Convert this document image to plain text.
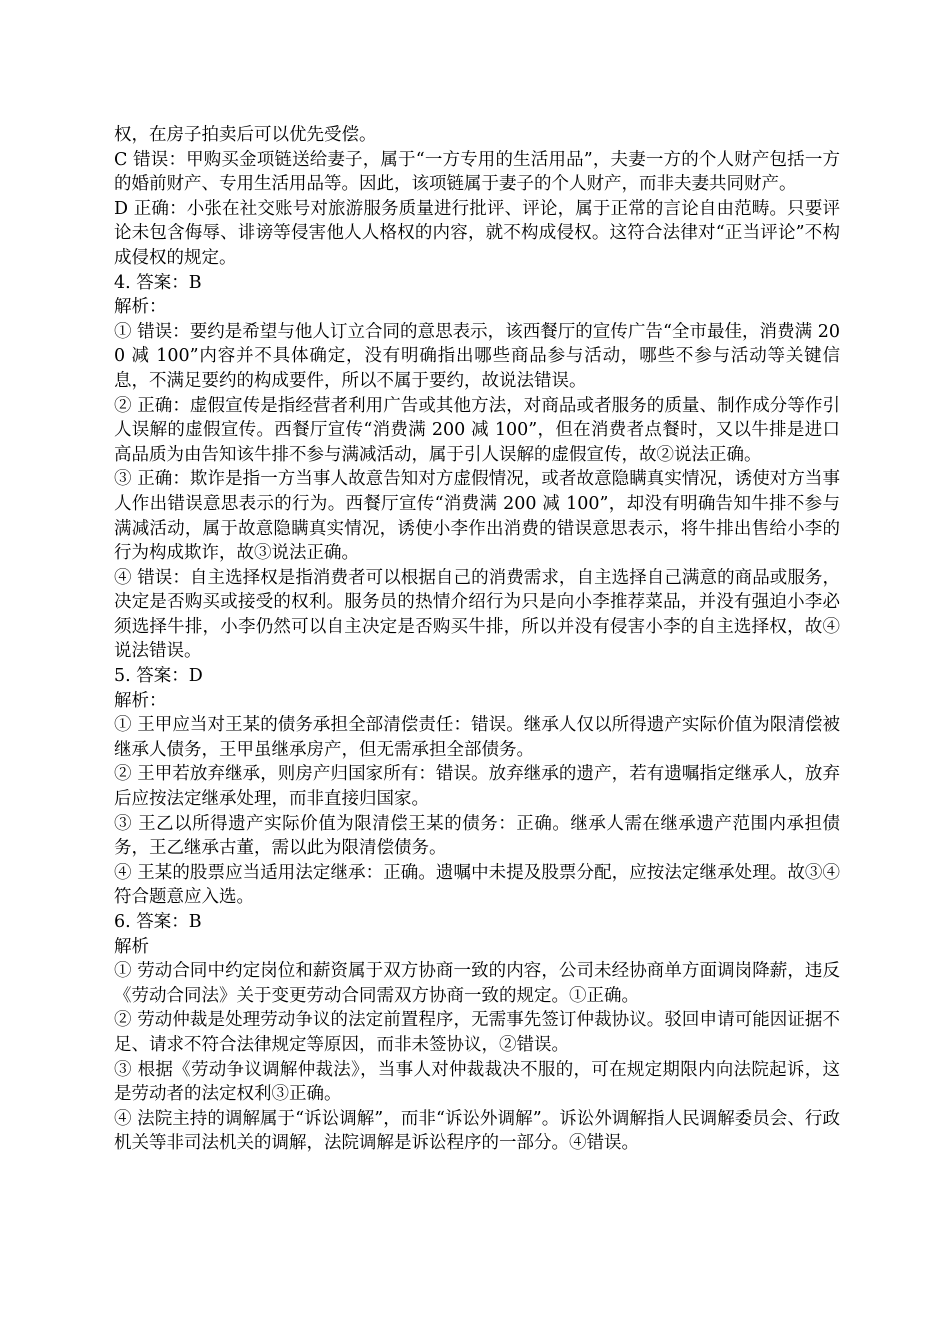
权，在房子拍卖后可以优先受偿。

C 错误：甲购买金项链送给妻子，属于“一方专用的生活用品”，夫妻一方的个人财产包括一方的婚前财产、专用生活用品等。因此，该项链属于妻子的个人财产，而非夫妻共同财产。

D 正确：小张在社交账号对旅游服务质量进行批评、评论，属于正常的言论自由范畴。只要评论未包含侮辱、诽谤等侵害他人人格权的内容，就不构成侵权。这符合法律对“正当评论”不构成侵权的规定。

4. 答案：B

解析：

① 错误：要约是希望与他人订立合同的意思表示，该西餐厅的宣传广告“全市最佳，消费满 200 减 100”内容并不具体确定，没有明确指出哪些商品参与活动，哪些不参与活动等关键信息，不满足要约的构成要件，所以不属于要约，故说法错误。

② 正确：虚假宣传是指经营者利用广告或其他方法，对商品或者服务的质量、制作成分等作引人误解的虚假宣传。西餐厅宣传“消费满 200 减 100”，但在消费者点餐时，又以牛排是进口高品质为由告知该牛排不参与满减活动，属于引人误解的虚假宣传，故②说法正确。

③ 正确：欺诈是指一方当事人故意告知对方虚假情况，或者故意隐瞒真实情况，诱使对方当事人作出错误意思表示的行为。西餐厅宣传“消费满 200 减 100”，却没有明确告知牛排不参与满减活动，属于故意隐瞒真实情况，诱使小李作出消费的错误意思表示，将牛排出售给小李的行为构成欺诈，故③说法正确。

④ 错误：自主选择权是指消费者可以根据自己的消费需求，自主选择自己满意的商品或服务，决定是否购买或接受的权利。服务员的热情介绍行为只是向小李推荐菜品，并没有强迫小李必须选择牛排，小李仍然可以自主决定是否购买牛排，所以并没有侵害小李的自主选择权，故④说法错误。

5. 答案：D

解析：

① 王甲应当对王某的债务承担全部清偿责任：错误。继承人仅以所得遗产实际价值为限清偿被继承人债务，王甲虽继承房产，但无需承担全部债务。

② 王甲若放弃继承，则房产归国家所有：错误。放弃继承的遗产，若有遗嘱指定继承人，放弃后应按法定继承处理，而非直接归国家。

③ 王乙以所得遗产实际价值为限清偿王某的债务：正确。继承人需在继承遗产范围内承担债务，王乙继承古董，需以此为限清偿债务。

④ 王某的股票应当适用法定继承：正确。遗嘱中未提及股票分配，应按法定继承处理。故③④符合题意应入选。

6. 答案：B

解析

① 劳动合同中约定岗位和薪资属于双方协商一致的内容，公司未经协商单方面调岗降薪，违反《劳动合同法》关于变更劳动合同需双方协商一致的规定。①正确。

② 劳动仲裁是处理劳动争议的法定前置程序，无需事先签订仲裁协议。驳回申请可能因证据不足、请求不符合法律规定等原因，而非未签协议，②错误。

③ 根据《劳动争议调解仲裁法》，当事人对仲裁裁决不服的，可在规定期限内向法院起诉，这是劳动者的法定权利③正确。

④ 法院主持的调解属于“诉讼调解”，而非“诉讼外调解”。诉讼外调解指人民调解委员会、行政机关等非司法机关的调解，法院调解是诉讼程序的一部分。④错误。
